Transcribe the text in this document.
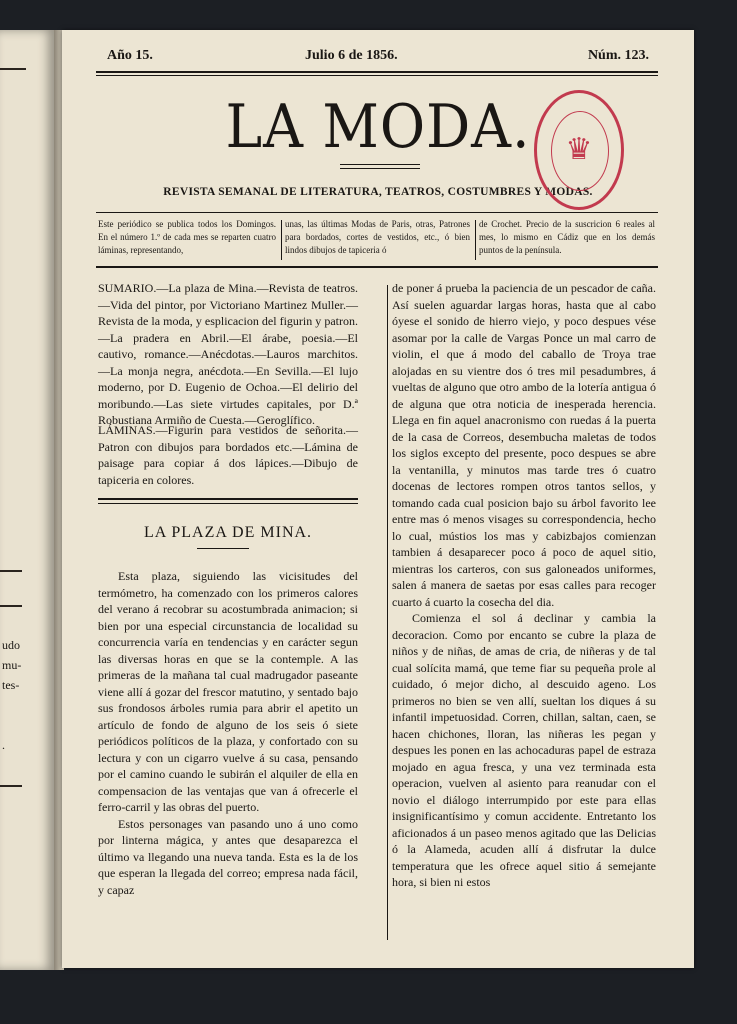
udo
mu-
tes-
.
Año 15.	Julio 6 de 1856.	Núm. 123.
LA MODA.
REVISTA SEMANAL DE LITERATURA, TEATROS, COSTUMBRES Y MODAS.
♛
Este periódico se publica todos los Domingos. En el número 1.º de cada mes se reparten cuatro láminas, representando,
unas, las últimas Modas de Paris, otras, Patrones para bordados, cortes de vestidos, etc., ó bien lindos dibujos de tapiceria ó
de Crochet. Precio de la suscricion 6 reales al mes, lo mismo en Cádiz que en los demás puntos de la península.

SUMARIO.—La plaza de Mina.—Revista de teatros.—Vida del pintor, por Victoriano Martinez Muller.—Revista de la moda, y esplicacion del figurin y patron.—La pradera en Abril.—El árabe, poesia.—El cautivo, romance.—Anécdotas.—Lauros marchitos.—La monja negra, anécdota.—En Sevilla.—El lujo moderno, por D. Eugenio de Ochoa.—El delirio del moribundo.—Las siete virtudes capitales, por D.ª Robustiana Armiño de Cuesta.—Geroglífico.

LÁMINAS.—Figurin para vestidos de señorita.—Patron con dibujos para bordados etc.—Lámina de paisage para copiar á dos lápices.—Dibujo de tapiceria en colores.

LA PLAZA DE MINA.

Esta plaza, siguiendo las vicisitudes del termómetro, ha comenzado con los primeros calores del verano á recobrar su acostumbrada animacion; si bien por una especial circunstancia de localidad su concurrencia varía en tendencias y en carácter segun las diversas horas en que se la contemple. A las primeras de la mañana tal cual madrugador paseante viene allí á gozar del frescor matutino, y sentado bajo sus frondosos árboles rumia para abrir el apetito un artículo de fondo de alguno de los seis ó siete periódicos políticos de la plaza, y confortado con su lectura y con un cigarro vuelve á su casa, pensando por el camino cuando le subirán el alquiler de ella en compensacion de las ventajas que van á ofrecerle el ferro-carril y las obras del puerto.

Estos personages van pasando uno á uno como por linterna mágica, y antes que desaparezca el último va llegando una nueva tanda. Esta es la de los que esperan la llegada del correo; empresa nada fácil, y capaz

de poner á prueba la paciencia de un pescador de caña. Así suelen aguardar largas horas, hasta que al cabo óyese el sonido de hierro viejo, y poco despues vése asomar por la calle de Vargas Ponce un mal carro de violin, el que á modo del caballo de Troya trae alojadas en su vientre dos ó tres mil pesadumbres, á vueltas de alguno que otro ambo de la lotería antigua ó de alguna que otra noticia de inesperada herencia. Llega en fin aquel anacronismo con ruedas á la puerta de la casa de Correos, desembucha maletas de todos los siglos excepto del presente, poco despues se abre la ventanilla, y minutos mas tarde tres ó cuatro docenas de lectores rompen otros tantos sellos, y tomando cada cual posicion bajo su árbol favorito lee entre mas ó menos visages su correspondencia, hecho lo cual, mústios los mas y cabizbajos comienzan tambien á desaparecer poco á poco de aquel sitio, mientras los carteros, con sus galoneados uniformes, salen á manera de saetas por esas calles para recoger cuarto á cuarto la cosecha del dia.

Comienza el sol á declinar y cambia la decoracion. Como por encanto se cubre la plaza de niños y de niñas, de amas de cria, de niñeras y de tal cual solícita mamá, que teme fiar su pequeña prole al cuidado, ó mejor dicho, al descuido ageno. Los primeros no bien se ven allí, sueltan los diques á su infantil impetuosidad. Corren, chillan, saltan, caen, se hacen chichones, lloran, las niñeras les pegan y despues les ponen en las achocaduras papel de estraza mojado en agua fresca, y una vez terminada esta operacion, vuelven al asiento para reanudar con el novio el diálogo interrumpido por este para ellas insignificantísimo y comun accidente. Entretanto los aficionados á un paseo menos agitado que las Delicias ó la Alameda, acuden allí á disfrutar la dulce temperatura que les ofrece aquel sitio á semejante hora, si bien ni estos
